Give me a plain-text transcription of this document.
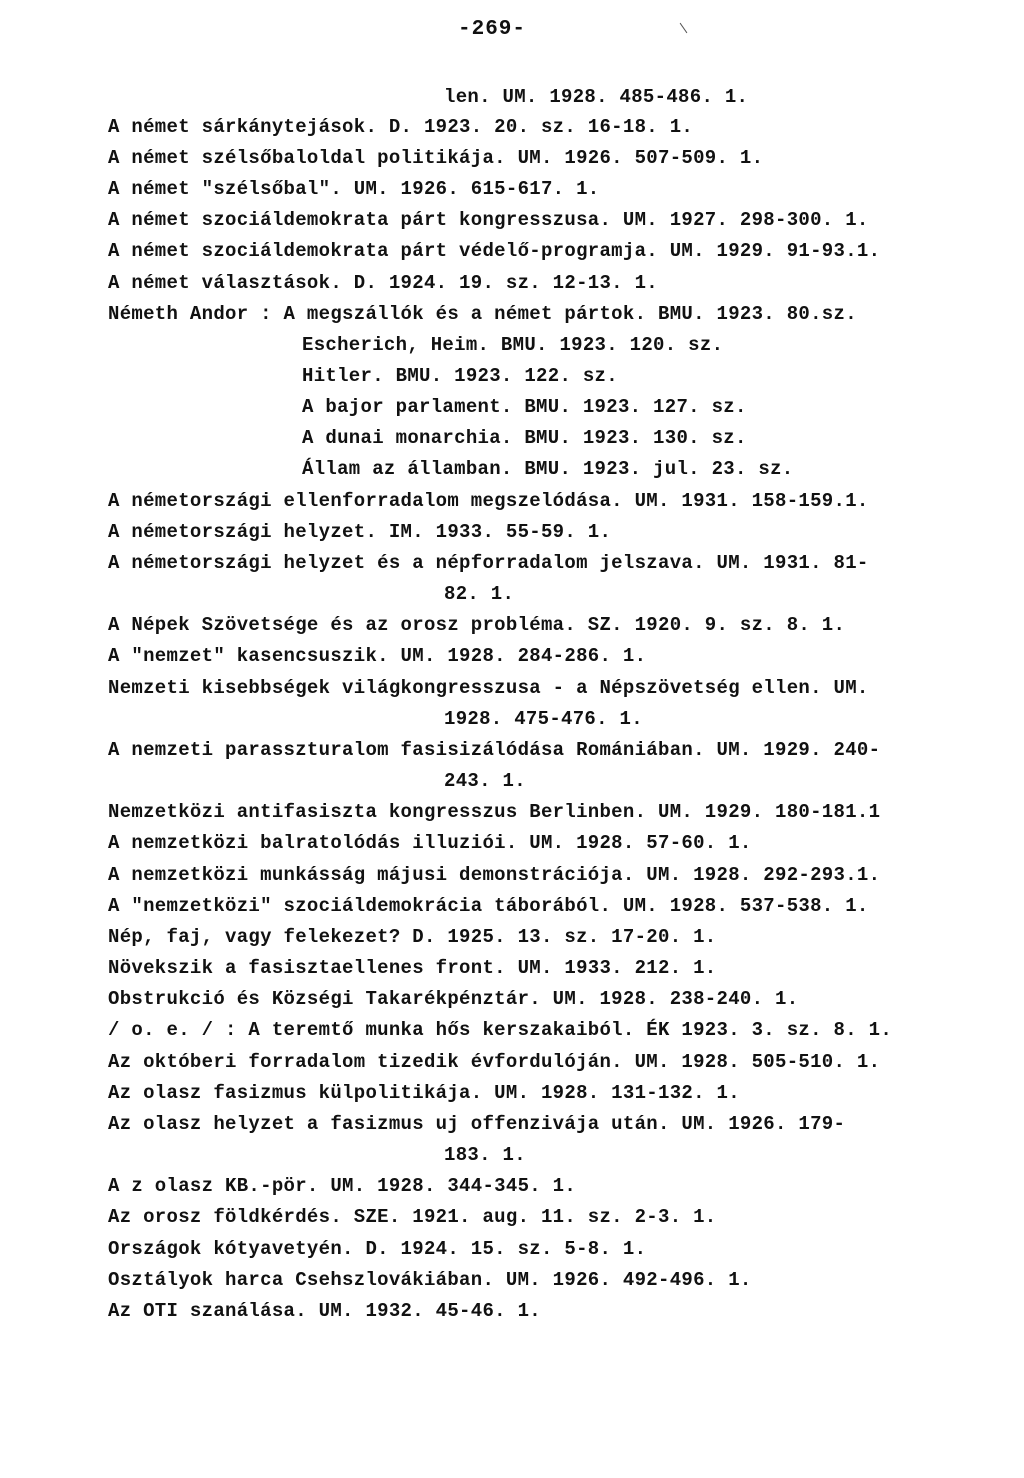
-269-
len. UM. 1928. 485-486. 1.
A német sárkánytejások. D. 1923. 20. sz. 16-18. 1.
A német szélsőbaloldal politikája. UM. 1926. 507-509. 1.
A német "szélsőbal". UM. 1926. 615-617. 1.
A német szociáldemokrata párt kongresszusa. UM. 1927. 298-300. 1.
A német szociáldemokrata párt védelő-programja. UM. 1929. 91-93.1.
A német választások. D. 1924. 19. sz. 12-13. 1.
Németh Andor : A megszállók és a német pártok. BMU. 1923. 80.sz.
Escherich, Heim. BMU. 1923. 120. sz.
Hitler. BMU. 1923. 122. sz.
A bajor parlament. BMU. 1923. 127. sz.
A dunai monarchia. BMU. 1923. 130. sz.
Állam az államban. BMU. 1923. jul. 23. sz.
A németországi ellenforradalom megszelódása. UM. 1931. 158-159.1.
A németországi helyzet. IM. 1933. 55-59. 1.
A németországi helyzet és a népforradalom jelszava. UM. 1931. 81-
82. 1.
A Népek Szövetsége és az orosz probléma. SZ. 1920. 9. sz. 8. 1.
A "nemzet" kasencsuszik. UM. 1928. 284-286. 1.
Nemzeti kisebbségek világkongresszusa - a Népszövetség ellen. UM.
1928. 475-476. 1.
A nemzeti parasszturalom fasisizálódása Romániában. UM. 1929. 240-
243. 1.
Nemzetközi antifasiszta kongresszus Berlinben. UM. 1929. 180-181.1
A nemzetközi balratolódás illuziói. UM. 1928. 57-60. 1.
A nemzetközi munkásság májusi demonstrációja. UM. 1928. 292-293.1.
A "nemzetközi" szociáldemokrácia táborából. UM. 1928. 537-538. 1.
Nép, faj, vagy felekezet? D. 1925. 13. sz. 17-20. 1.
Növekszik a fasisztaellenes front. UM. 1933. 212. 1.
Obstrukció és Községi Takarékpénztár. UM. 1928. 238-240. 1.
/ o. e. / : A teremtő munka hős kerszakaiból. ÉK 1923. 3. sz. 8. 1.
Az októberi forradalom tizedik évfordulóján. UM. 1928. 505-510. 1.
Az olasz fasizmus külpolitikája. UM. 1928. 131-132. 1.
Az olasz helyzet a fasizmus uj offenzivája után. UM. 1926. 179-
183. 1.
A z olasz KB.-pör. UM. 1928. 344-345. 1.
Az orosz földkérdés. SZE. 1921. aug. 11. sz. 2-3. 1.
Országok kótyavetyén. D. 1924. 15. sz. 5-8. 1.
Osztályok harca Csehszlovákiában. UM. 1926. 492-496. 1.
Az OTI szanálása. UM. 1932. 45-46. 1.
